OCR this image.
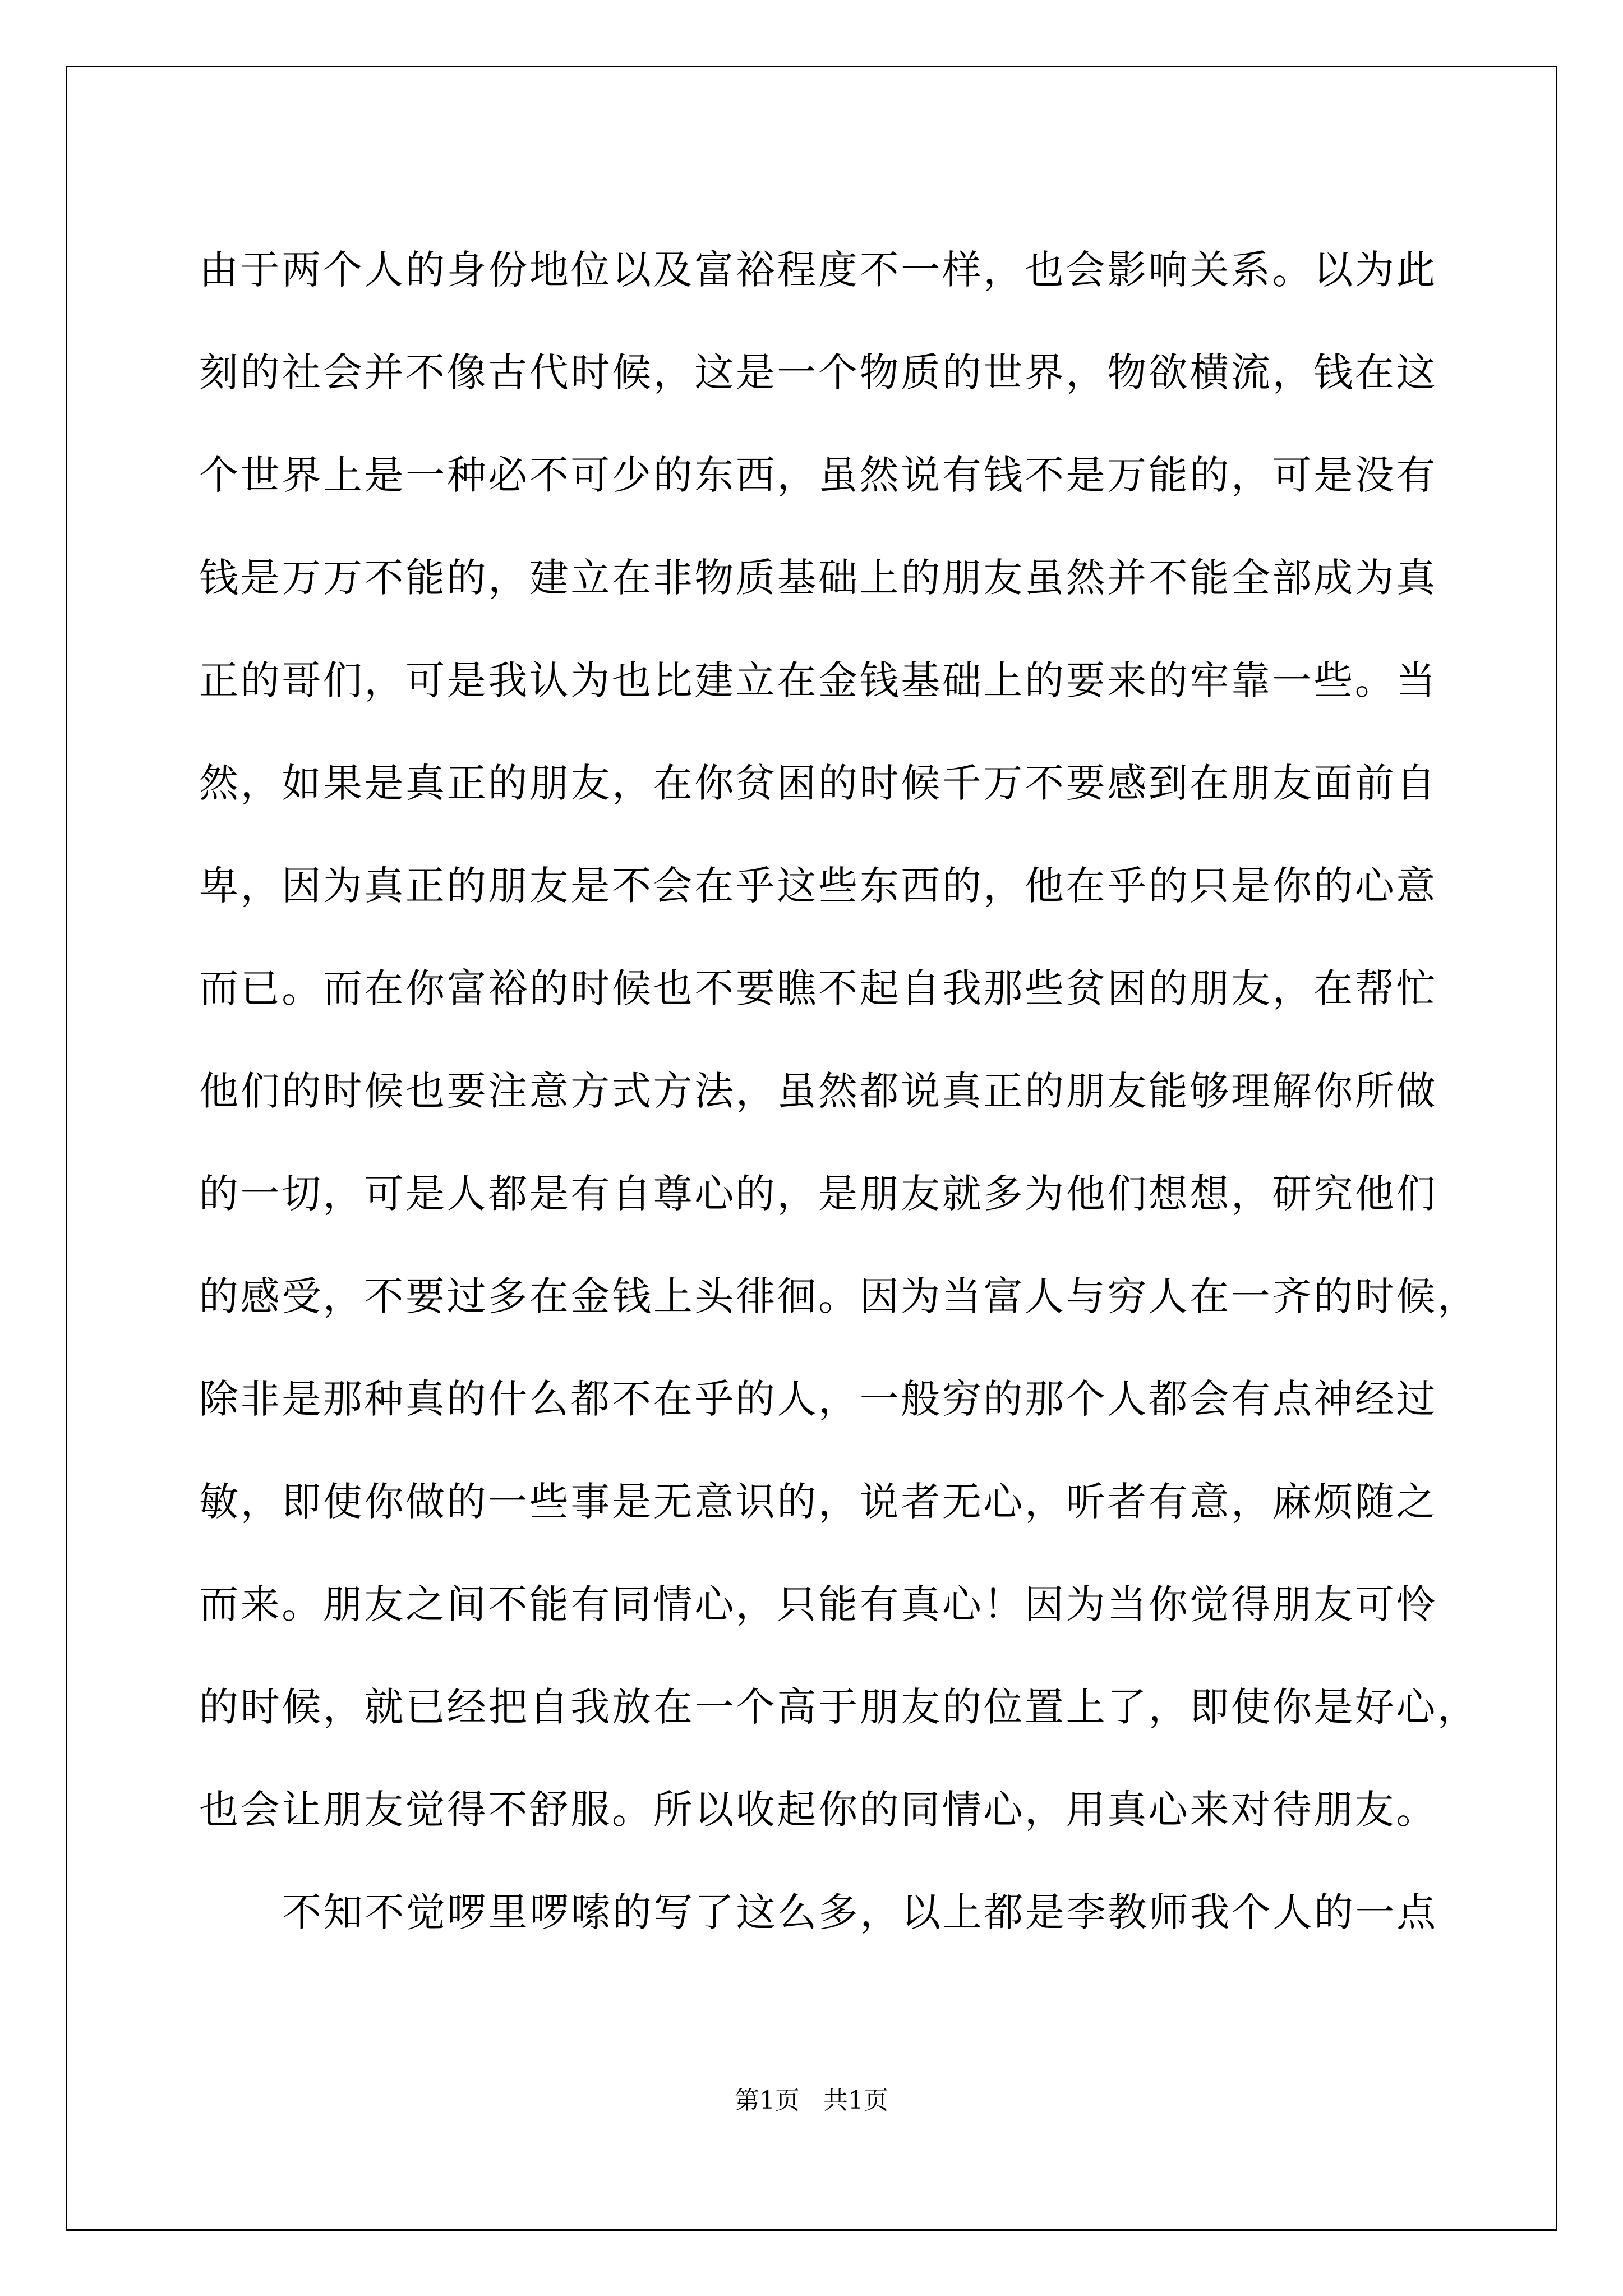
由于两个人的身份地位以及富裕程度不一样，也会影响关系。以为此
刻的社会并不像古代时候，这是一个物质的世界，物欲横流，钱在这
个世界上是一种必不可少的东西，虽然说有钱不是万能的，可是没有
钱是万万不能的，建立在非物质基础上的朋友虽然并不能全部成为真
正的哥们，可是我认为也比建立在金钱基础上的要来的牢靠一些。当
然，如果是真正的朋友，在你贫困的时候千万不要感到在朋友面前自
卑，因为真正的朋友是不会在乎这些东西的，他在乎的只是你的心意
而已。而在你富裕的时候也不要瞧不起自我那些贫困的朋友，在帮忙
他们的时候也要注意方式方法，虽然都说真正的朋友能够理解你所做
的一切，可是人都是有自尊心的，是朋友就多为他们想想，研究他们
的感受，不要过多在金钱上头徘徊。因为当富人与穷人在一齐的时候，
除非是那种真的什么都不在乎的人，一般穷的那个人都会有点神经过
敏，即使你做的一些事是无意识的，说者无心，听者有意，麻烦随之
而来。朋友之间不能有同情心，只能有真心！因为当你觉得朋友可怜
的时候，就已经把自我放在一个高于朋友的位置上了，即使你是好心，
也会让朋友觉得不舒服。所以收起你的同情心，用真心来对待朋友。
不知不觉啰里啰嗦的写了这么多，以上都是李教师我个人的一点
第1页   共1页
